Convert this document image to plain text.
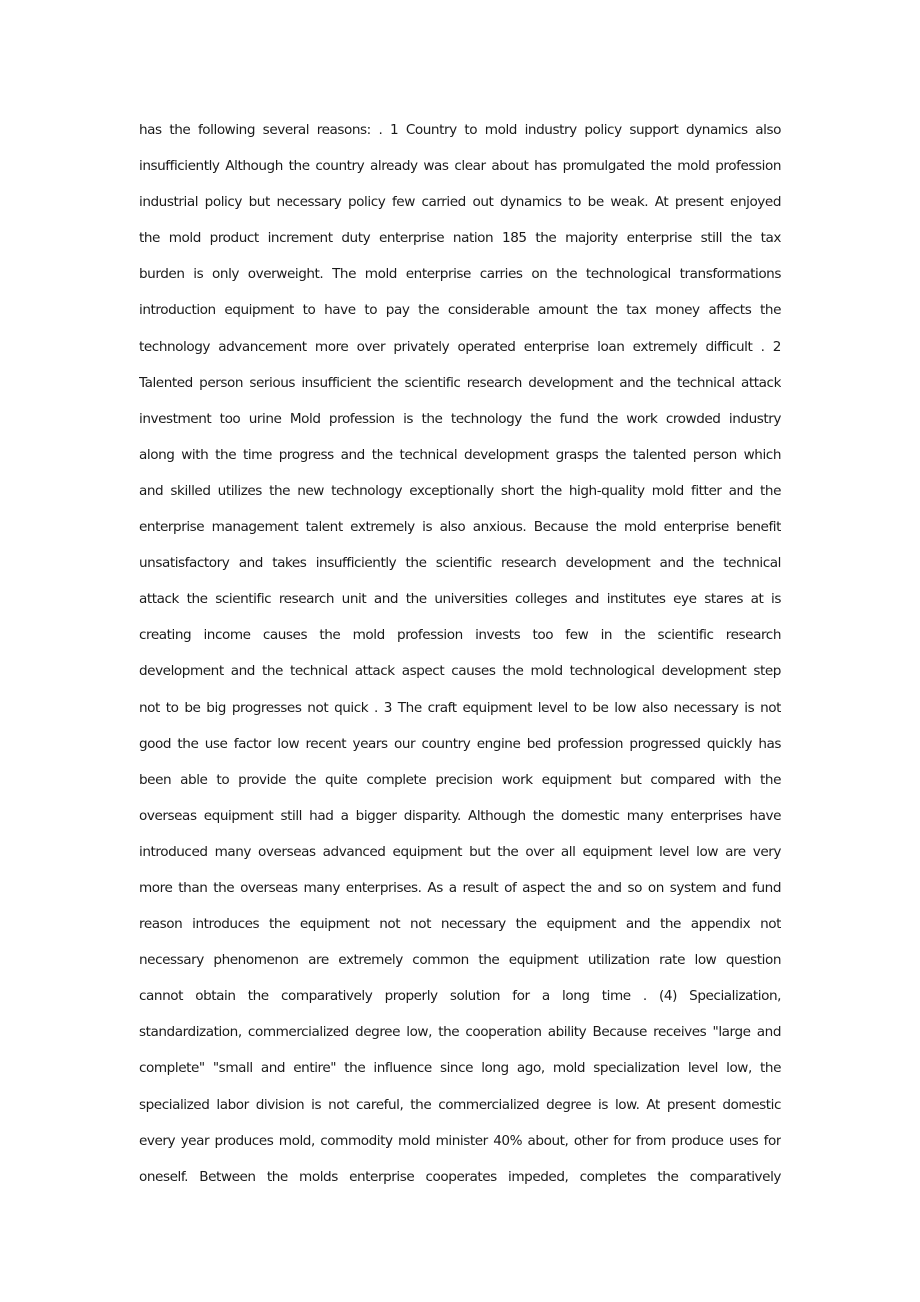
has the following several reasons: . 1 Country to mold industry policy support dynamics also
insufficiently Although the country already was clear about has promulgated the mold profession
industrial policy but necessary policy few carried out dynamics to be weak. At present enjoyed
the mold product increment duty enterprise nation 185 the majority enterprise still the tax
burden is only overweight. The mold enterprise carries on the technological transformations
introduction equipment to have to pay the considerable amount the tax money affects the
technology advancement more over privately operated enterprise loan extremely difficult . 2
Talented person serious insufficient the scientific research development and the technical attack
investment too urine Mold profession is the technology the fund the work crowded industry
along with the time progress and the technical development grasps the talented person which
and skilled utilizes the new technology exceptionally short the high-quality mold fitter and the
enterprise management talent extremely is also anxious. Because the mold enterprise benefit
unsatisfactory and takes insufficiently the scientific research development and the technical
attack the scientific research unit and the universities colleges and institutes eye stares at is
creating income causes the mold profession invests too few in the scientific research
development and the technical attack aspect causes the mold technological development step
not to be big progresses not quick . 3 The craft equipment level to be low also necessary is not
good the use factor low recent years our country engine bed profession progressed quickly has
been able to provide the quite complete precision work equipment but compared with the
overseas equipment still had a bigger disparity. Although the domestic many enterprises have
introduced many overseas advanced equipment but the over all equipment level low are very
more than the overseas many enterprises. As a result of aspect the and so on system and fund
reason introduces the equipment not not necessary the equipment and the appendix not
necessary phenomenon are extremely common the equipment utilization rate low question
cannot obtain the comparatively properly solution for a long time . (4) Specialization,
standardization, commercialized degree low, the cooperation ability Because receives "large and
complete" "small and entire" the influence since long ago, mold specialization level low, the
specialized labor division is not careful, the commercialized degree is low. At present domestic
every year produces mold, commodity mold minister 40% about, other for from produce uses for
oneself. Between the molds enterprise cooperates impeded, completes the comparatively
